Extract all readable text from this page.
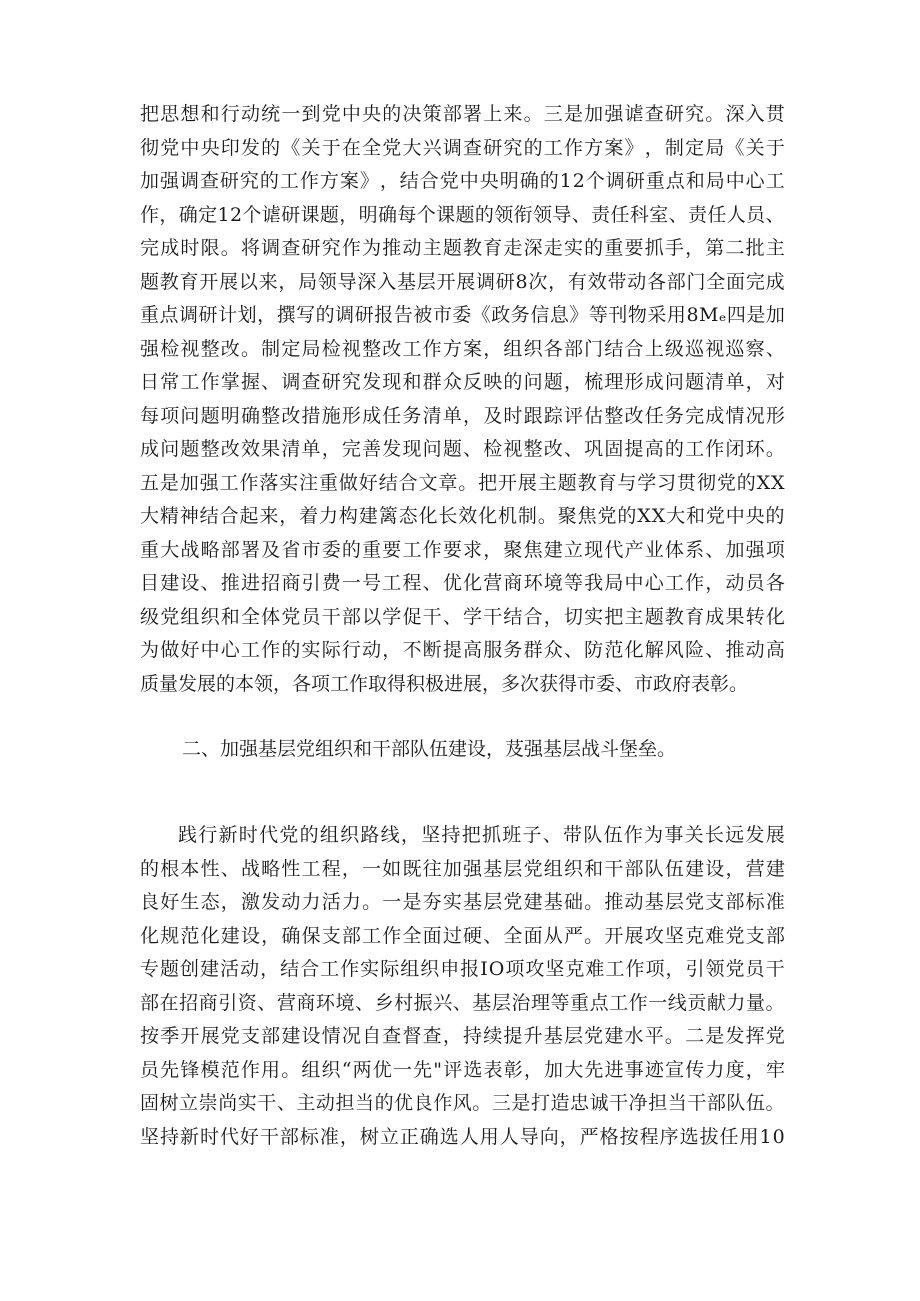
把 思 想 和 行 动 统 一 到 党 中 央 的 决 策 部 署 上 来 。 三 是 加 强 谑 查 研 究 。 深 入 贯
彻 党 中 央 印 发 的 《 关 于 在 全 党 大 兴 调 查 研 究 的 工 作 方 案 》 ， 制 定 局 《 关 于
加 强 调 查 研 究 的 工 作 方 案 》 ， 结 合 党 中 央 明 确 的 1 2 个 调 研 重 点 和 局 中 心 工
作 ， 确 定 1 2 个 谑 研 课 题 ， 明 确 每 个 课 题 的 领 衔 领 导 、 责 任 科 室 、 责 任 人 员 、
完 成 时 限 。 将 调 查 研 究 作 为 推 动 主 题 教 育 走 深 走 实 的 重 要 抓 手 ， 第 二 批 主
题 教 育 开 展 以 来 ， 局 领 导 深 入 基 层 开 展 调 研 8 次 ， 有 效 带 动 各 部 门 全 面 完 成
重 点 调 研 计 划 ， 撰 写 的 调 研 报 告 被 市 委 《 政 务 信 息 》 等 刊 物 采 用 8 M ₑ 四 是 加
强 检 视 整 改 。 制 定 局 检 视 整 改 工 作 方 案 ， 组 织 各 部 门 结 合 上 级 巡 视 巡 察 、
日 常 工 作 掌 握 、 调 查 研 究 发 现 和 群 众 反 映 的 问 题 ， 梳 理 形 成 问 题 清 单 ， 对
每 项 问 题 明 确 整 改 措 施 形 成 任 务 清 单 ， 及 时 跟 踪 评 估 整 改 任 务 完 成 情 况 形
成 问 题 整 改 效 果 清 单 ， 完 善 发 现 问 题 、 检 视 整 改 、 巩 固 提 高 的 工 作 闭 环 。
五 是 加 强 工 作 落 实 注 重 做 好 结 合 文 章 。 把 开 展 主 题 教 育 与 学 习 贯 彻 党 的 X X
大 精 神 结 合 起 来 ， 着 力 构 建 篱 态 化 长 效 化 机 制 。 聚 焦 党 的 X X 大 和 党 中 央 的
重 大 战 略 部 署 及 省 市 委 的 重 要 工 作 要 求 ， 聚 焦 建 立 现 代 产 业 体 系 、 加 强 项
目 建 设 、 推 进 招 商 引 费 一 号 工 程 、 优 化 营 商 环 境 等 我 局 中 心 工 作 ， 动 员 各
级 党 组 织 和 全 体 党 员 干 部 以 学 促 干 、 学 干 结 合 ， 切 实 把 主 题 教 育 成 果 转 化
为 做 好 中 心 工 作 的 实 际 行 动 ， 不 断 提 高 服 务 群 众 、 防 范 化 解 风 险 、 推 动 高
质量发展的本领，各项工作取得积极进展，多次获得市委、市政府表彰。
二、加强基层党组织和干部队伍建设，芨强基层战斗堡垒。
践 行 新 时 代 党 的 组 织 路 线 ， 坚 持 把 抓 班 子 、 带 队 伍 作 为 事 关 长 远 发 展
的 根 本 性 、 战 略 性 工 程 ， 一 如 既 往 加 强 基 层 党 组 织 和 干 部 队 伍 建 设 ， 营 建
良 好 生 态 ， 激 发 动 力 活 力 。 一 是 夯 实 基 层 党 建 基 础 。 推 动 基 层 党 支 部 标 准
化 规 范 化 建 设 ， 确 保 支 部 工 作 全 面 过 硬 、 全 面 从 严 。 开 展 攻 坚 克 难 党 支 部
专 题 创 建 活 动 ， 结 合 工 作 实 际 组 织 申 报 I O 项 攻 坚 克 难 工 作 项 ， 引 领 党 员 干
部 在 招 商 引 资 、 营 商 环 境 、 乡 村 振 兴 、 基 层 治 理 等 重 点 工 作 一 线 贡 献 力 量 。
按 季 开 展 党 支 部 建 设 情 况 自 查 督 查 ， 持 续 提 升 基 层 党 建 水 平 。 二 是 发 挥 党
员 先 锋 模 范 作 用 。 组 织 “ 两 优 一 先 " 评 选 表 彰 ， 加 大 先 进 事 迹 宣 传 力 度 ， 牢
固 树 立 崇 尚 实 干 、 主 动 担 当 的 优 良 作 风 。 三 是 打 造 忠 诚 干 净 担 当 干 部 队 伍 。
坚 持 新 时 代 好 干 部 标 准 ， 树 立 正 确 选 人 用 人 导 向 ， 严 格 按 程 序 选 拔 任 用 1 0
